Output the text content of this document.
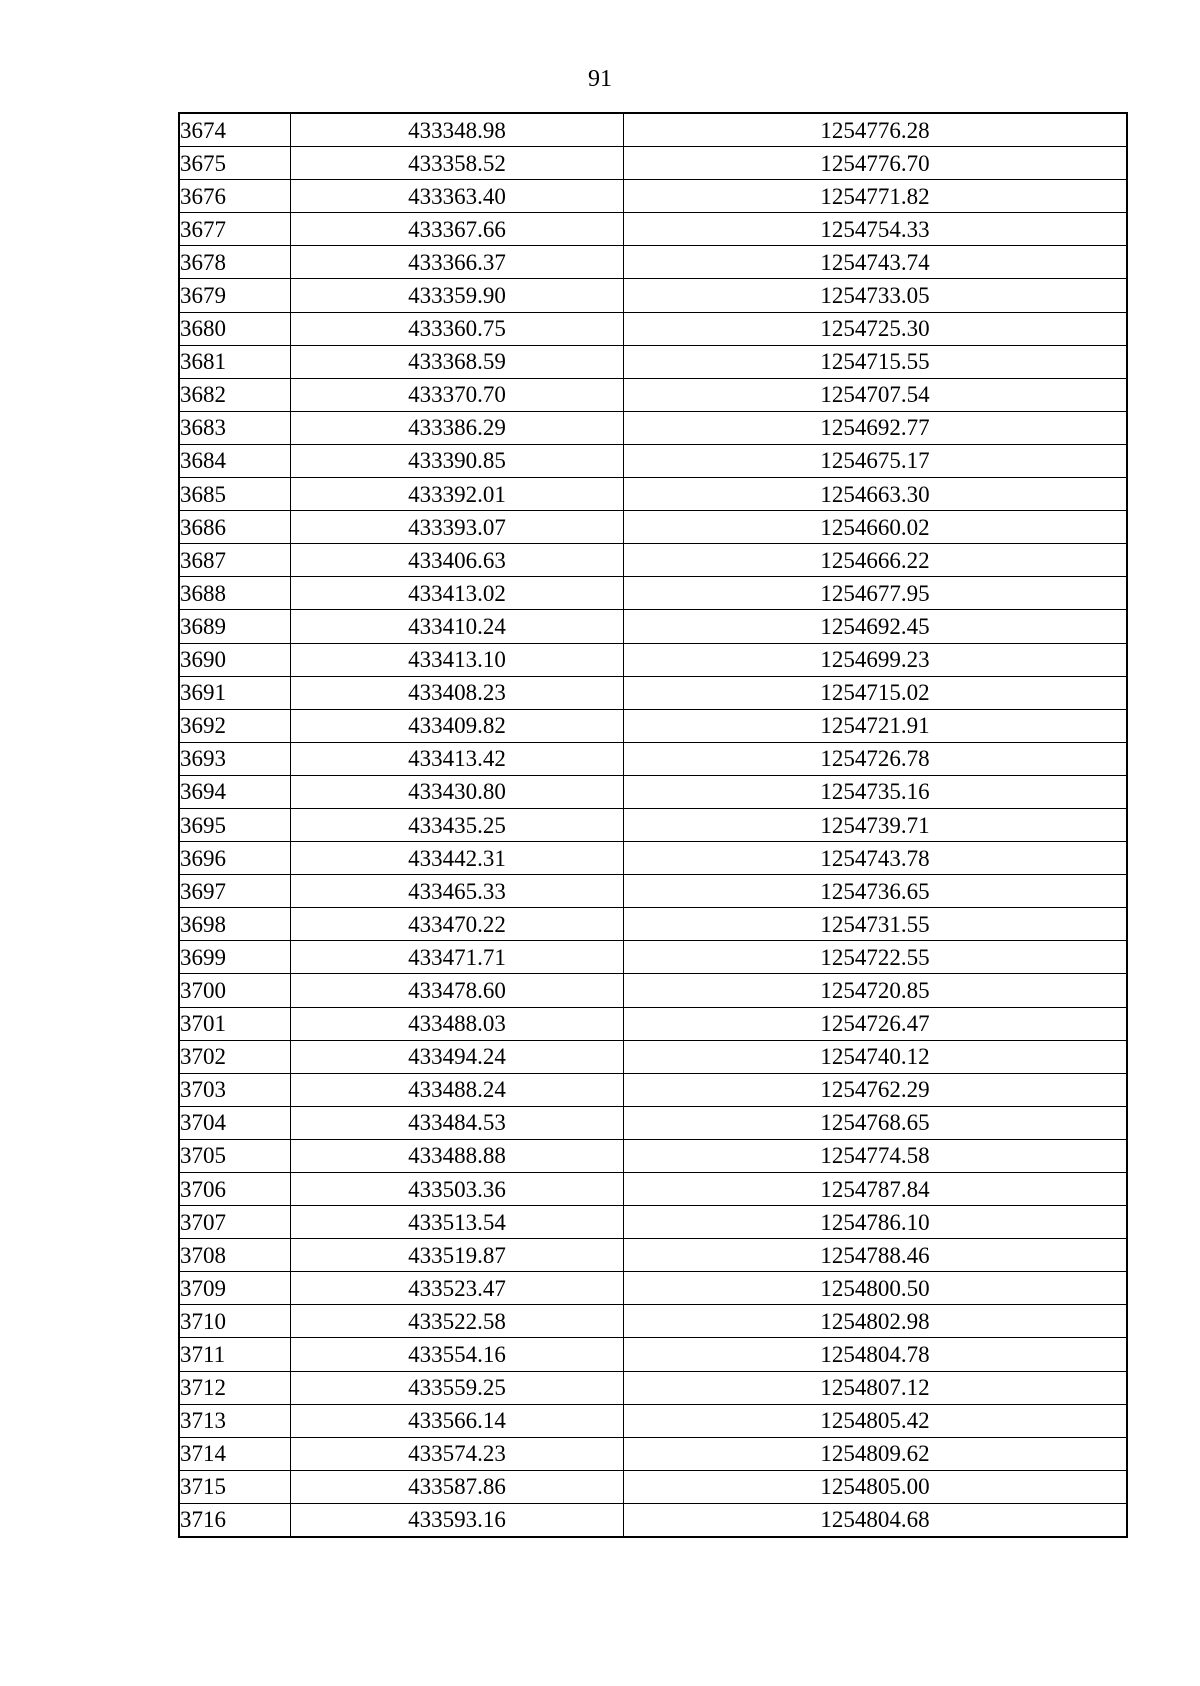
91
3674	433348.98	1254776.28
3675	433358.52	1254776.70
3676	433363.40	1254771.82
3677	433367.66	1254754.33
3678	433366.37	1254743.74
3679	433359.90	1254733.05
3680	433360.75	1254725.30
3681	433368.59	1254715.55
3682	433370.70	1254707.54
3683	433386.29	1254692.77
3684	433390.85	1254675.17
3685	433392.01	1254663.30
3686	433393.07	1254660.02
3687	433406.63	1254666.22
3688	433413.02	1254677.95
3689	433410.24	1254692.45
3690	433413.10	1254699.23
3691	433408.23	1254715.02
3692	433409.82	1254721.91
3693	433413.42	1254726.78
3694	433430.80	1254735.16
3695	433435.25	1254739.71
3696	433442.31	1254743.78
3697	433465.33	1254736.65
3698	433470.22	1254731.55
3699	433471.71	1254722.55
3700	433478.60	1254720.85
3701	433488.03	1254726.47
3702	433494.24	1254740.12
3703	433488.24	1254762.29
3704	433484.53	1254768.65
3705	433488.88	1254774.58
3706	433503.36	1254787.84
3707	433513.54	1254786.10
3708	433519.87	1254788.46
3709	433523.47	1254800.50
3710	433522.58	1254802.98
3711	433554.16	1254804.78
3712	433559.25	1254807.12
3713	433566.14	1254805.42
3714	433574.23	1254809.62
3715	433587.86	1254805.00
3716	433593.16	1254804.68
